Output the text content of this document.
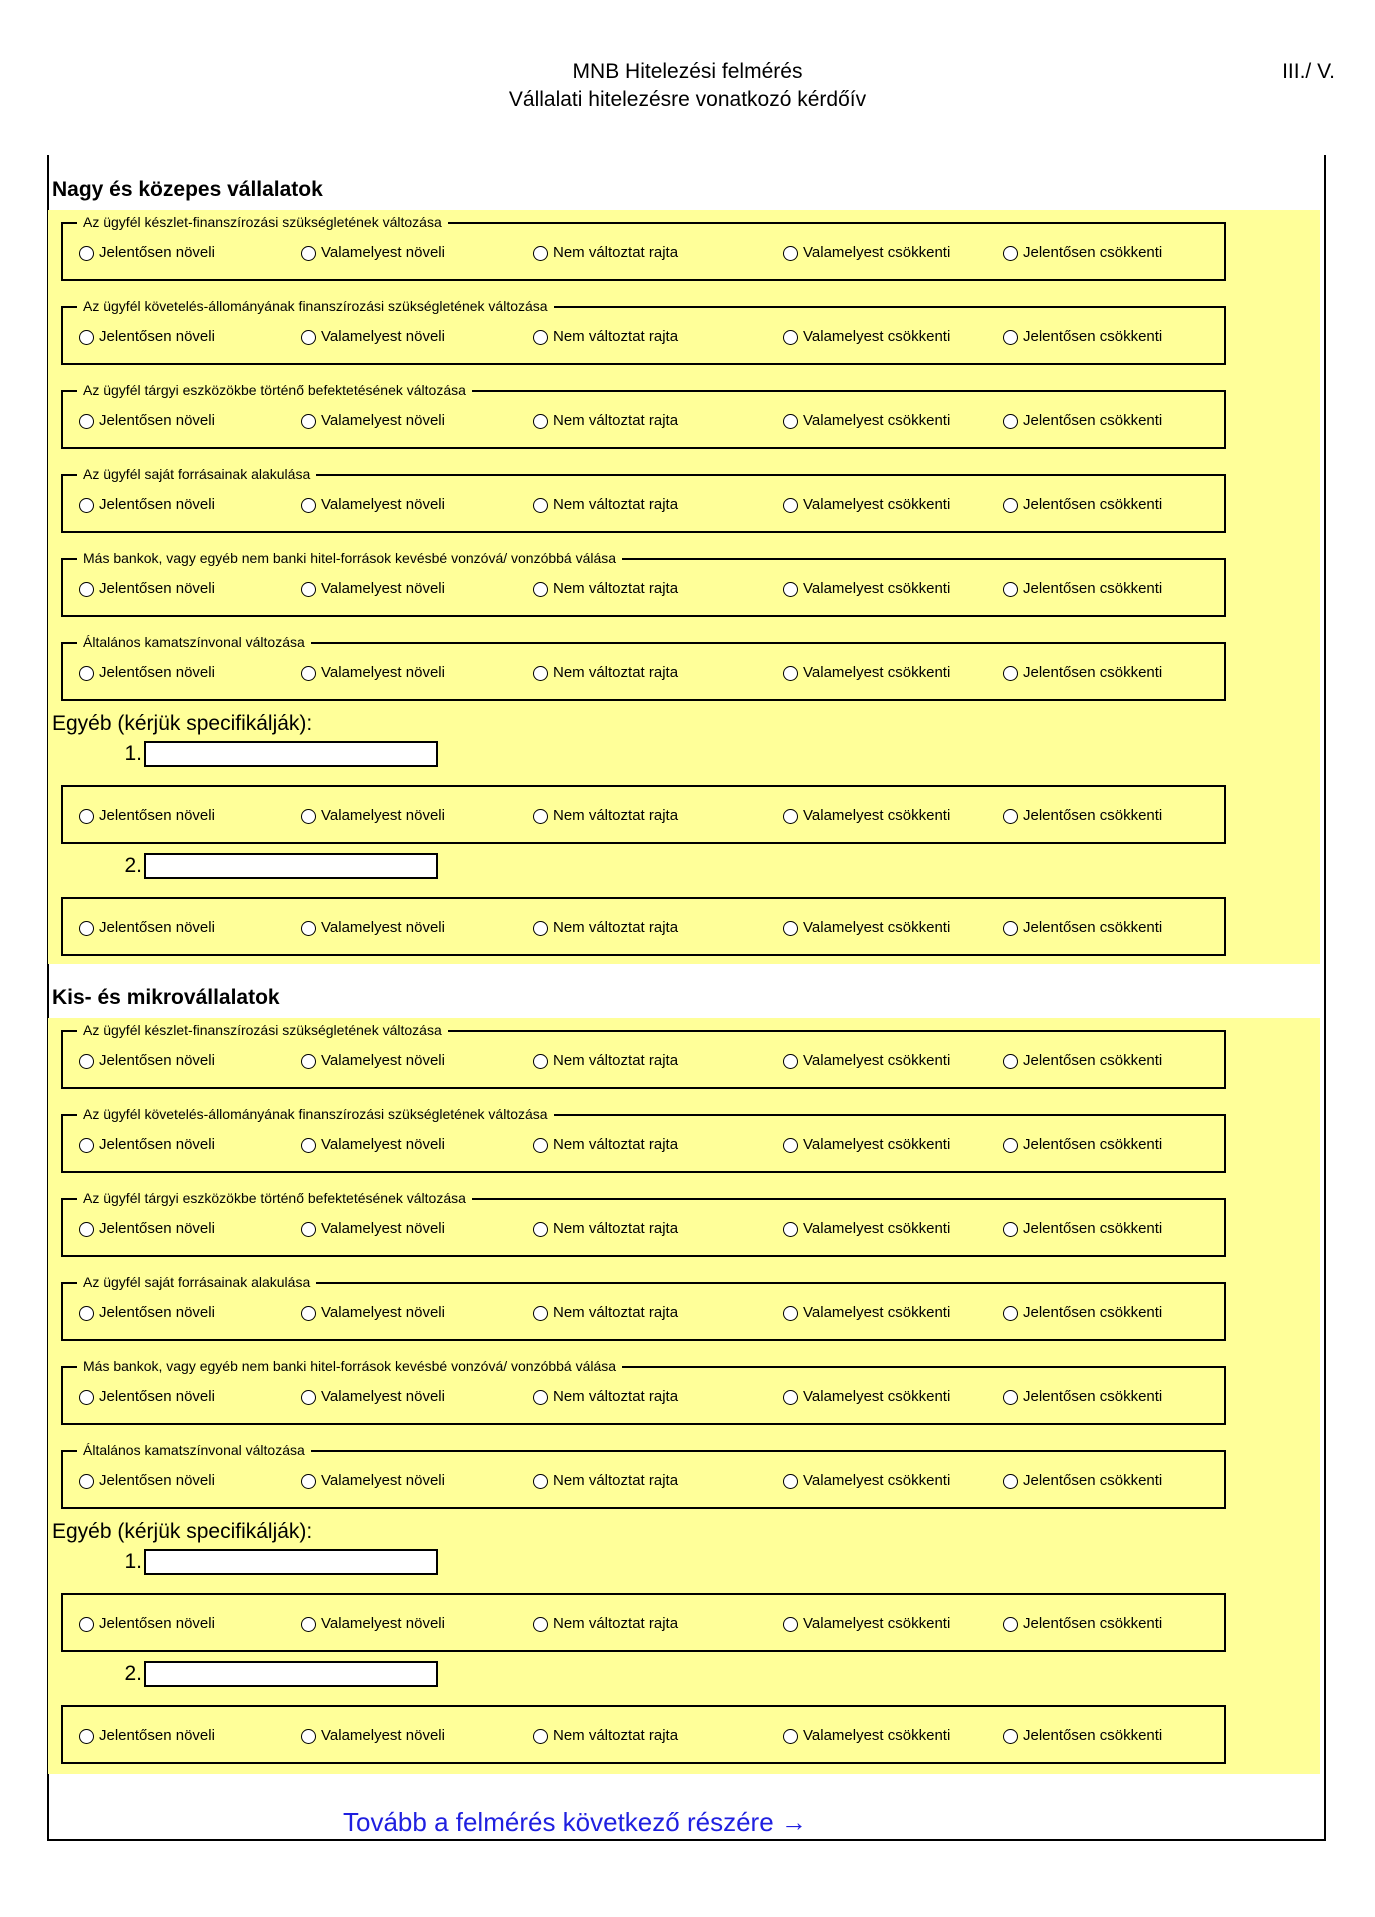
MNB Hitelezési felmérés
Vállalati hitelezésre vonatkozó kérdőív
III./ V.
Nagy és közepes vállalatok
Az ügyfél készlet-finanszírozási szükségletének változása
Jelentősen növeli	Valamelyest növeli	Nem változtat rajta	Valamelyest csökkenti	Jelentősen csökkenti
Az ügyfél követelés-állományának finanszírozási szükségletének változása
Jelentősen növeli	Valamelyest növeli	Nem változtat rajta	Valamelyest csökkenti	Jelentősen csökkenti
Az ügyfél tárgyi eszközökbe történő befektetésének változása
Jelentősen növeli	Valamelyest növeli	Nem változtat rajta	Valamelyest csökkenti	Jelentősen csökkenti
Az ügyfél saját forrásainak alakulása
Jelentősen növeli	Valamelyest növeli	Nem változtat rajta	Valamelyest csökkenti	Jelentősen csökkenti
Más bankok, vagy egyéb nem banki hitel-források kevésbé vonzóvá/ vonzóbbá válása
Jelentősen növeli	Valamelyest növeli	Nem változtat rajta	Valamelyest csökkenti	Jelentősen csökkenti
Általános kamatszínvonal változása
Jelentősen növeli	Valamelyest növeli	Nem változtat rajta	Valamelyest csökkenti	Jelentősen csökkenti
Egyéb (kérjük specifikálják):
1.
Jelentősen növeli	Valamelyest növeli	Nem változtat rajta	Valamelyest csökkenti	Jelentősen csökkenti
2.
Jelentősen növeli	Valamelyest növeli	Nem változtat rajta	Valamelyest csökkenti	Jelentősen csökkenti
Kis- és mikrovállalatok
Az ügyfél készlet-finanszírozási szükségletének változása
Jelentősen növeli	Valamelyest növeli	Nem változtat rajta	Valamelyest csökkenti	Jelentősen csökkenti
Az ügyfél követelés-állományának finanszírozási szükségletének változása
Jelentősen növeli	Valamelyest növeli	Nem változtat rajta	Valamelyest csökkenti	Jelentősen csökkenti
Az ügyfél tárgyi eszközökbe történő befektetésének változása
Jelentősen növeli	Valamelyest növeli	Nem változtat rajta	Valamelyest csökkenti	Jelentősen csökkenti
Az ügyfél saját forrásainak alakulása
Jelentősen növeli	Valamelyest növeli	Nem változtat rajta	Valamelyest csökkenti	Jelentősen csökkenti
Más bankok, vagy egyéb nem banki hitel-források kevésbé vonzóvá/ vonzóbbá válása
Jelentősen növeli	Valamelyest növeli	Nem változtat rajta	Valamelyest csökkenti	Jelentősen csökkenti
Általános kamatszínvonal változása
Jelentősen növeli	Valamelyest növeli	Nem változtat rajta	Valamelyest csökkenti	Jelentősen csökkenti
Egyéb (kérjük specifikálják):
1.
Jelentősen növeli	Valamelyest növeli	Nem változtat rajta	Valamelyest csökkenti	Jelentősen csökkenti
2.
Jelentősen növeli	Valamelyest növeli	Nem változtat rajta	Valamelyest csökkenti	Jelentősen csökkenti
Tovább a felmérés következő részére →
